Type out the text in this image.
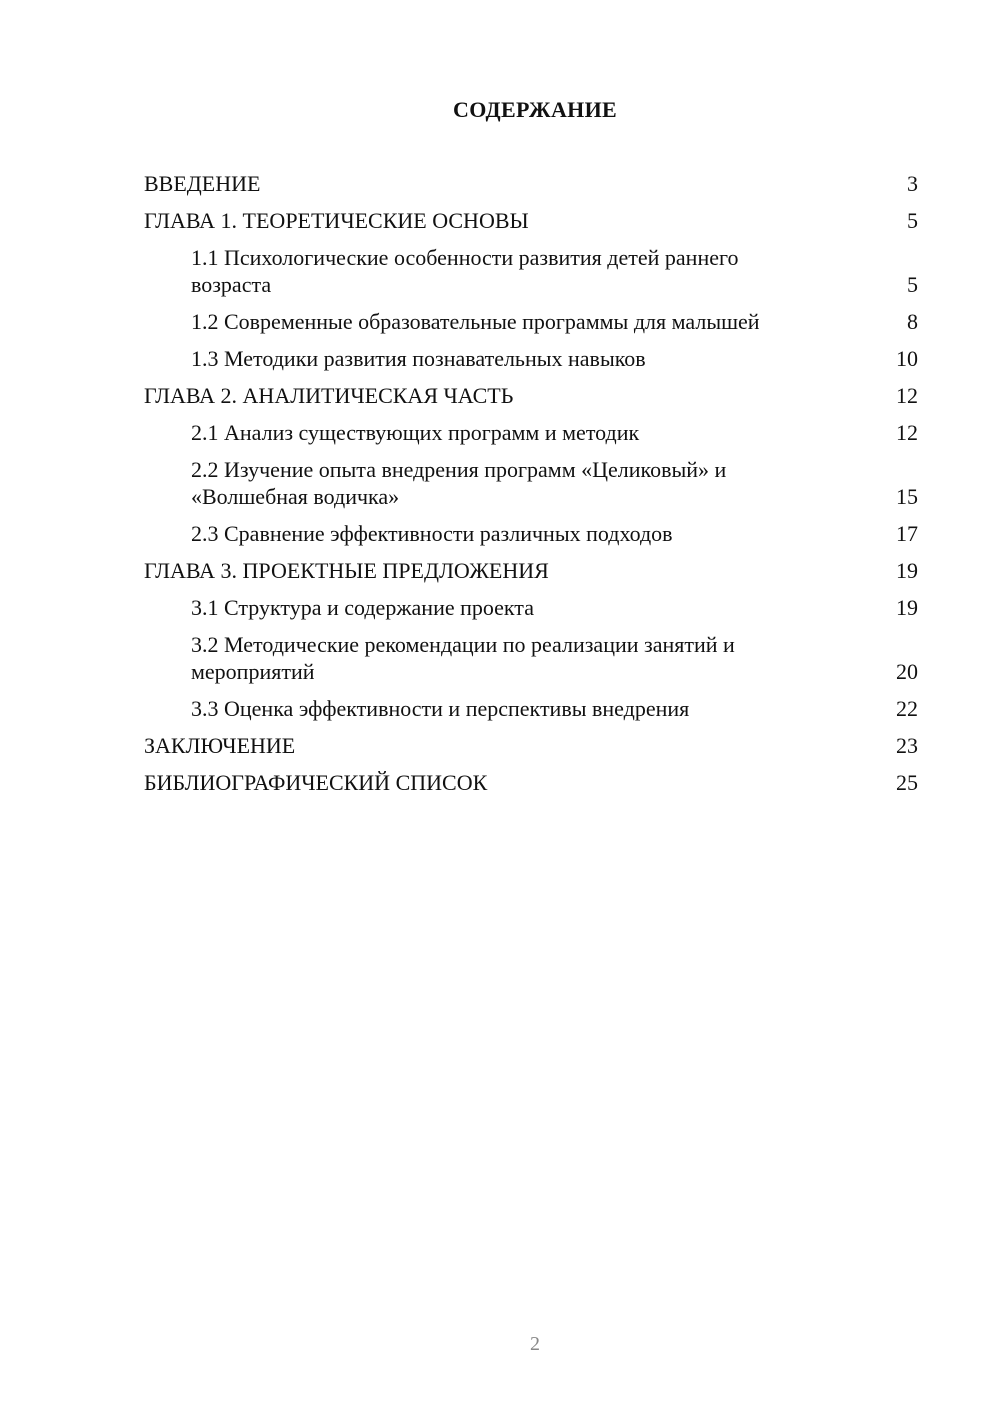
СОДЕРЖАНИЕ
ВВЕДЕНИЕ	3
ГЛАВА 1. ТЕОРЕТИЧЕСКИЕ ОСНОВЫ	5
1.1 Психологические особенности развития детей раннего возраста	5
1.2 Современные образовательные программы для малышей	8
1.3 Методики развития познавательных навыков	10
ГЛАВА 2. АНАЛИТИЧЕСКАЯ ЧАСТЬ	12
2.1 Анализ существующих программ и методик	12
2.2 Изучение опыта внедрения программ «Целиковый» и «Волшебная водичка»	15
2.3 Сравнение эффективности различных подходов	17
ГЛАВА 3. ПРОЕКТНЫЕ ПРЕДЛОЖЕНИЯ	19
3.1 Структура и содержание проекта	19
3.2 Методические рекомендации по реализации занятий и мероприятий	20
3.3 Оценка эффективности и перспективы внедрения	22
ЗАКЛЮЧЕНИЕ	23
БИБЛИОГРАФИЧЕСКИЙ СПИСОК	25
2
